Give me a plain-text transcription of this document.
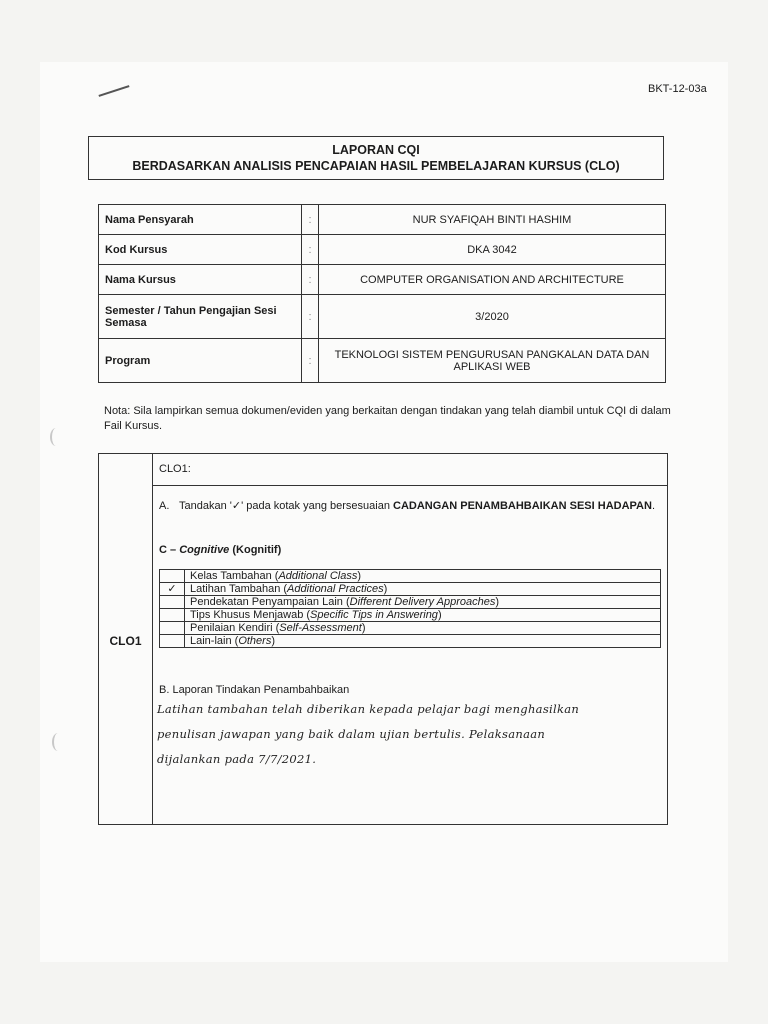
BKT-12-03a
LAPORAN CQI
BERDASARKAN ANALISIS PENCAPAIAN HASIL PEMBELAJARAN KURSUS (CLO)
Nama Pensyarah	:	NUR SYAFIQAH BINTI HASHIM
Kod Kursus	:	DKA 3042
Nama Kursus	:	COMPUTER ORGANISATION AND ARCHITECTURE
Semester / Tahun Pengajian Sesi Semasa	:	3/2020
Program	:	TEKNOLOGI SISTEM PENGURUSAN PANGKALAN DATA DAN APLIKASI WEB
Nota: Sila lampirkan semua dokumen/eviden yang berkaitan dengan tindakan yang telah diambil untuk CQI di dalam Fail Kursus.
CLO1
CLO1:
A. Tandakan '✓' pada kotak yang bersesuaian CADANGAN PENAMBAHBAIKAN SESI HADAPAN.
C – Cognitive (Kognitif)
	Kelas Tambahan (Additional Class)
✓	Latihan Tambahan (Additional Practices)
	Pendekatan Penyampaian Lain (Different Delivery Approaches)
	Tips Khusus Menjawab (Specific Tips in Answering)
	Penilaian Kendiri (Self-Assessment)
	Lain-lain (Others)
B. Laporan Tindakan Penambahbaikan
Latihan tambahan telah diberikan kepada pelajar bagi menghasilkan
penulisan jawapan yang baik dalam ujian bertulis. Pelaksanaan
dijalankan pada 7/7/2021.
